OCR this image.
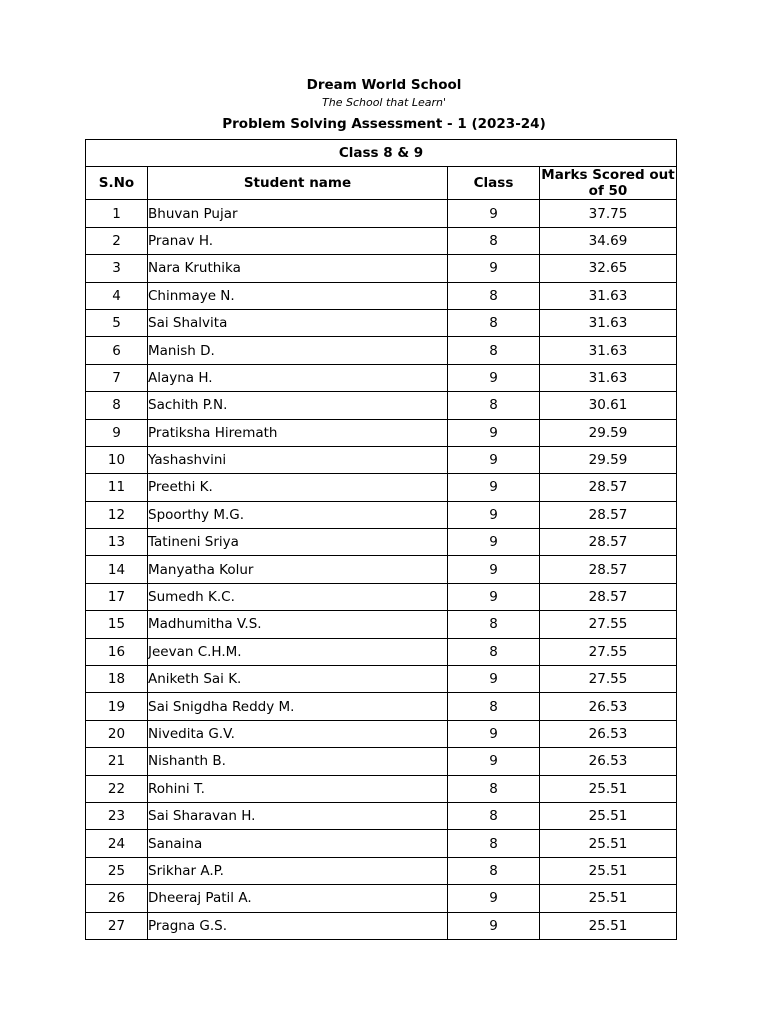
Dream World School
The School that Learn'
Problem Solving Assessment - 1 (2023-24)
Class 8 & 9			
S.No	Student name	Class	Marks Scored out of 50
1	Bhuvan Pujar	9	37.75
2	Pranav H.	8	34.69
3	Nara Kruthika	9	32.65
4	Chinmaye N.	8	31.63
5	Sai Shalvita	8	31.63
6	Manish D.	8	31.63
7	Alayna H.	9	31.63
8	Sachith P.N.	8	30.61
9	Pratiksha Hiremath	9	29.59
10	Yashashvini	9	29.59
11	Preethi K.	9	28.57
12	Spoorthy M.G.	9	28.57
13	Tatineni Sriya	9	28.57
14	Manyatha Kolur	9	28.57
17	Sumedh K.C.	9	28.57
15	Madhumitha V.S.	8	27.55
16	Jeevan C.H.M.	8	27.55
18	Aniketh Sai K.	9	27.55
19	Sai Snigdha Reddy M.	8	26.53
20	Nivedita G.V.	9	26.53
21	Nishanth B.	9	26.53
22	Rohini T.	8	25.51
23	Sai Sharavan H.	8	25.51
24	Sanaina	8	25.51
25	Srikhar A.P.	8	25.51
26	Dheeraj Patil A.	9	25.51
27	Pragna G.S.	9	25.51
